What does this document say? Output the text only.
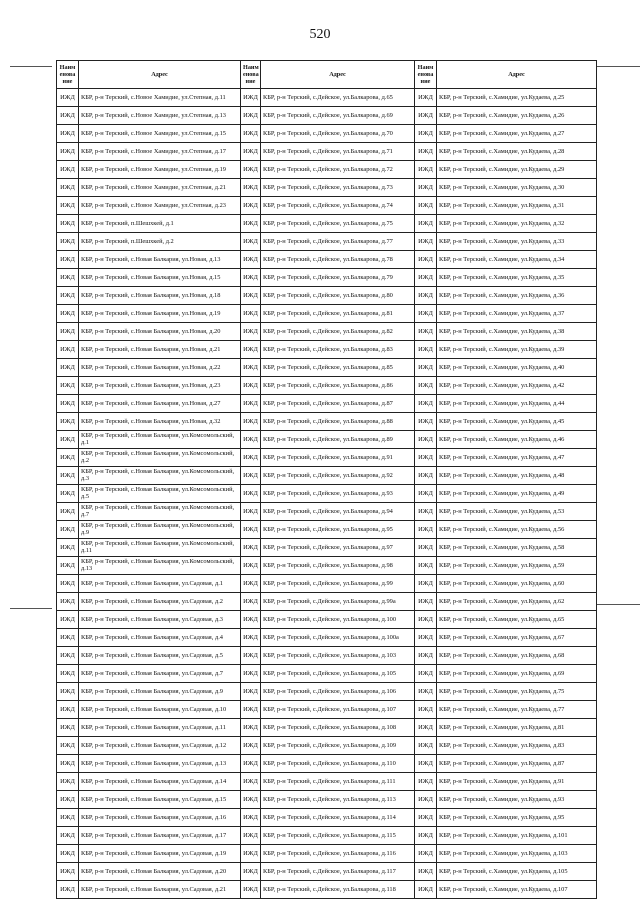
520
Наим енова ние	Адрес
ИЖД	КБР, р-н Терский, с.Новое Хамидие, ул.Степная, д.11
ИЖД	КБР, р-н Терский, с.Новое Хамидие, ул.Степная, д.13
ИЖД	КБР, р-н Терский, с.Новое Хамидие, ул.Степная, д.15
ИЖД	КБР, р-н Терский, с.Новое Хамидие, ул.Степная, д.17
ИЖД	КБР, р-н Терский, с.Новое Хамидие, ул.Степная, д.19
ИЖД	КБР, р-н Терский, с.Новое Хамидие, ул.Степная, д.21
ИЖД	КБР, р-н Терский, с.Новое Хамидие, ул.Степная, д.23
ИЖД	КБР, р-н Терский, п.Шешхкей, д.1
ИЖД	КБР, р-н Терский, п.Шешхкей, д.2
ИЖД	КБР, р-н Терский, с.Новая Балкария, ул.Новая, д.13
ИЖД	КБР, р-н Терский, с.Новая Балкария, ул.Новая, д.15
ИЖД	КБР, р-н Терский, с.Новая Балкария, ул.Новая, д.18
ИЖД	КБР, р-н Терский, с.Новая Балкария, ул.Новая, д.19
ИЖД	КБР, р-н Терский, с.Новая Балкария, ул.Новая, д.20
ИЖД	КБР, р-н Терский, с.Новая Балкария, ул.Новая, д.21
ИЖД	КБР, р-н Терский, с.Новая Балкария, ул.Новая, д.22
ИЖД	КБР, р-н Терский, с.Новая Балкария, ул.Новая, д.23
ИЖД	КБР, р-н Терский, с.Новая Балкария, ул.Новая, д.27
ИЖД	КБР, р-н Терский, с.Новая Балкария, ул.Новая, д.32
ИЖД	КБР, р-н Терский, с.Новая Балкария, ул.Комсомольский, д.1
ИЖД	КБР, р-н Терский, с.Новая Балкария, ул.Комсомольский, д.2
ИЖД	КБР, р-н Терский, с.Новая Балкария, ул.Комсомольский, д.3
ИЖД	КБР, р-н Терский, с.Новая Балкария, ул.Комсомольский, д.5
ИЖД	КБР, р-н Терский, с.Новая Балкария, ул.Комсомольский, д.7
ИЖД	КБР, р-н Терский, с.Новая Балкария, ул.Комсомольский, д.9
ИЖД	КБР, р-н Терский, с.Новая Балкария, ул.Комсомольский, д.11
ИЖД	КБР, р-н Терский, с.Новая Балкария, ул.Комсомольский, д.13
ИЖД	КБР, р-н Терский, с.Новая Балкария, ул.Садовая, д.1
ИЖД	КБР, р-н Терский, с.Новая Балкария, ул.Садовая, д.2
ИЖД	КБР, р-н Терский, с.Новая Балкария, ул.Садовая, д.3
ИЖД	КБР, р-н Терский, с.Новая Балкария, ул.Садовая, д.4
ИЖД	КБР, р-н Терский, с.Новая Балкария, ул.Садовая, д.5
ИЖД	КБР, р-н Терский, с.Новая Балкария, ул.Садовая, д.7
ИЖД	КБР, р-н Терский, с.Новая Балкария, ул.Садовая, д.9
ИЖД	КБР, р-н Терский, с.Новая Балкария, ул.Садовая, д.10
ИЖД	КБР, р-н Терский, с.Новая Балкария, ул.Садовая, д.11
ИЖД	КБР, р-н Терский, с.Новая Балкария, ул.Садовая, д.12
ИЖД	КБР, р-н Терский, с.Новая Балкария, ул.Садовая, д.13
ИЖД	КБР, р-н Терский, с.Новая Балкария, ул.Садовая, д.14
ИЖД	КБР, р-н Терский, с.Новая Балкария, ул.Садовая, д.15
ИЖД	КБР, р-н Терский, с.Новая Балкария, ул.Садовая, д.16
ИЖД	КБР, р-н Терский, с.Новая Балкария, ул.Садовая, д.17
ИЖД	КБР, р-н Терский, с.Новая Балкария, ул.Садовая, д.19
ИЖД	КБР, р-н Терский, с.Новая Балкария, ул.Садовая, д.20
ИЖД	КБР, р-н Терский, с.Новая Балкария, ул.Садовая, д.21
Наим енова ние	Адрес
ИЖД	КБР, р-н Терский, с.Дейское, ул.Балкарова, д.65
ИЖД	КБР, р-н Терский, с.Дейское, ул.Балкарова, д.69
ИЖД	КБР, р-н Терский, с.Дейское, ул.Балкарова, д.70
ИЖД	КБР, р-н Терский, с.Дейское, ул.Балкарова, д.71
ИЖД	КБР, р-н Терский, с.Дейское, ул.Балкарова, д.72
ИЖД	КБР, р-н Терский, с.Дейское, ул.Балкарова, д.73
ИЖД	КБР, р-н Терский, с.Дейское, ул.Балкарова, д.74
ИЖД	КБР, р-н Терский, с.Дейское, ул.Балкарова, д.75
ИЖД	КБР, р-н Терский, с.Дейское, ул.Балкарова, д.77
ИЖД	КБР, р-н Терский, с.Дейское, ул.Балкарова, д.78
ИЖД	КБР, р-н Терский, с.Дейское, ул.Балкарова, д.79
ИЖД	КБР, р-н Терский, с.Дейское, ул.Балкарова, д.80
ИЖД	КБР, р-н Терский, с.Дейское, ул.Балкарова, д.81
ИЖД	КБР, р-н Терский, с.Дейское, ул.Балкарова, д.82
ИЖД	КБР, р-н Терский, с.Дейское, ул.Балкарова, д.83
ИЖД	КБР, р-н Терский, с.Дейское, ул.Балкарова, д.85
ИЖД	КБР, р-н Терский, с.Дейское, ул.Балкарова, д.86
ИЖД	КБР, р-н Терский, с.Дейское, ул.Балкарова, д.87
ИЖД	КБР, р-н Терский, с.Дейское, ул.Балкарова, д.88
ИЖД	КБР, р-н Терский, с.Дейское, ул.Балкарова, д.89
ИЖД	КБР, р-н Терский, с.Дейское, ул.Балкарова, д.91
ИЖД	КБР, р-н Терский, с.Дейское, ул.Балкарова, д.92
ИЖД	КБР, р-н Терский, с.Дейское, ул.Балкарова, д.93
ИЖД	КБР, р-н Терский, с.Дейское, ул.Балкарова, д.94
ИЖД	КБР, р-н Терский, с.Дейское, ул.Балкарова, д.95
ИЖД	КБР, р-н Терский, с.Дейское, ул.Балкарова, д.97
ИЖД	КБР, р-н Терский, с.Дейское, ул.Балкарова, д.98
ИЖД	КБР, р-н Терский, с.Дейское, ул.Балкарова, д.99
ИЖД	КБР, р-н Терский, с.Дейское, ул.Балкарова, д.99а
ИЖД	КБР, р-н Терский, с.Дейское, ул.Балкарова, д.100
ИЖД	КБР, р-н Терский, с.Дейское, ул.Балкарова, д.100а
ИЖД	КБР, р-н Терский, с.Дейское, ул.Балкарова, д.103
ИЖД	КБР, р-н Терский, с.Дейское, ул.Балкарова, д.105
ИЖД	КБР, р-н Терский, с.Дейское, ул.Балкарова, д.106
ИЖД	КБР, р-н Терский, с.Дейское, ул.Балкарова, д.107
ИЖД	КБР, р-н Терский, с.Дейское, ул.Балкарова, д.108
ИЖД	КБР, р-н Терский, с.Дейское, ул.Балкарова, д.109
ИЖД	КБР, р-н Терский, с.Дейское, ул.Балкарова, д.110
ИЖД	КБР, р-н Терский, с.Дейское, ул.Балкарова, д.111
ИЖД	КБР, р-н Терский, с.Дейское, ул.Балкарова, д.113
ИЖД	КБР, р-н Терский, с.Дейское, ул.Балкарова, д.114
ИЖД	КБР, р-н Терский, с.Дейское, ул.Балкарова, д.115
ИЖД	КБР, р-н Терский, с.Дейское, ул.Балкарова, д.116
ИЖД	КБР, р-н Терский, с.Дейское, ул.Балкарова, д.117
ИЖД	КБР, р-н Терский, с.Дейское, ул.Балкарова, д.118
Наим енова ние	Адрес
ИЖД	КБР, р-н Терский, с.Хамидие, ул.Кудаева, д.25
ИЖД	КБР, р-н Терский, с.Хамидие, ул.Кудаева, д.26
ИЖД	КБР, р-н Терский, с.Хамидие, ул.Кудаева, д.27
ИЖД	КБР, р-н Терский, с.Хамидие, ул.Кудаева, д.28
ИЖД	КБР, р-н Терский, с.Хамидие, ул.Кудаева, д.29
ИЖД	КБР, р-н Терский, с.Хамидие, ул.Кудаева, д.30
ИЖД	КБР, р-н Терский, с.Хамидие, ул.Кудаева, д.31
ИЖД	КБР, р-н Терский, с.Хамидие, ул.Кудаева, д.32
ИЖД	КБР, р-н Терский, с.Хамидие, ул.Кудаева, д.33
ИЖД	КБР, р-н Терский, с.Хамидие, ул.Кудаева, д.34
ИЖД	КБР, р-н Терский, с.Хамидие, ул.Кудаева, д.35
ИЖД	КБР, р-н Терский, с.Хамидие, ул.Кудаева, д.36
ИЖД	КБР, р-н Терский, с.Хамидие, ул.Кудаева, д.37
ИЖД	КБР, р-н Терский, с.Хамидие, ул.Кудаева, д.38
ИЖД	КБР, р-н Терский, с.Хамидие, ул.Кудаева, д.39
ИЖД	КБР, р-н Терский, с.Хамидие, ул.Кудаева, д.40
ИЖД	КБР, р-н Терский, с.Хамидие, ул.Кудаева, д.42
ИЖД	КБР, р-н Терский, с.Хамидие, ул.Кудаева, д.44
ИЖД	КБР, р-н Терский, с.Хамидие, ул.Кудаева, д.45
ИЖД	КБР, р-н Терский, с.Хамидие, ул.Кудаева, д.46
ИЖД	КБР, р-н Терский, с.Хамидие, ул.Кудаева, д.47
ИЖД	КБР, р-н Терский, с.Хамидие, ул.Кудаева, д.48
ИЖД	КБР, р-н Терский, с.Хамидие, ул.Кудаева, д.49
ИЖД	КБР, р-н Терский, с.Хамидие, ул.Кудаева, д.53
ИЖД	КБР, р-н Терский, с.Хамидие, ул.Кудаева, д.56
ИЖД	КБР, р-н Терский, с.Хамидие, ул.Кудаева, д.58
ИЖД	КБР, р-н Терский, с.Хамидие, ул.Кудаева, д.59
ИЖД	КБР, р-н Терский, с.Хамидие, ул.Кудаева, д.60
ИЖД	КБР, р-н Терский, с.Хамидие, ул.Кудаева, д.62
ИЖД	КБР, р-н Терский, с.Хамидие, ул.Кудаева, д.65
ИЖД	КБР, р-н Терский, с.Хамидие, ул.Кудаева, д.67
ИЖД	КБР, р-н Терский, с.Хамидие, ул.Кудаева, д.68
ИЖД	КБР, р-н Терский, с.Хамидие, ул.Кудаева, д.69
ИЖД	КБР, р-н Терский, с.Хамидие, ул.Кудаева, д.75
ИЖД	КБР, р-н Терский, с.Хамидие, ул.Кудаева, д.77
ИЖД	КБР, р-н Терский, с.Хамидие, ул.Кудаева, д.81
ИЖД	КБР, р-н Терский, с.Хамидие, ул.Кудаева, д.83
ИЖД	КБР, р-н Терский, с.Хамидие, ул.Кудаева, д.87
ИЖД	КБР, р-н Терский, с.Хамидие, ул.Кудаева, д.91
ИЖД	КБР, р-н Терский, с.Хамидие, ул.Кудаева, д.93
ИЖД	КБР, р-н Терский, с.Хамидие, ул.Кудаева, д.95
ИЖД	КБР, р-н Терский, с.Хамидие, ул.Кудаева, д.101
ИЖД	КБР, р-н Терский, с.Хамидие, ул.Кудаева, д.103
ИЖД	КБР, р-н Терский, с.Хамидие, ул.Кудаева, д.105
ИЖД	КБР, р-н Терский, с.Хамидие, ул.Кудаева, д.107
